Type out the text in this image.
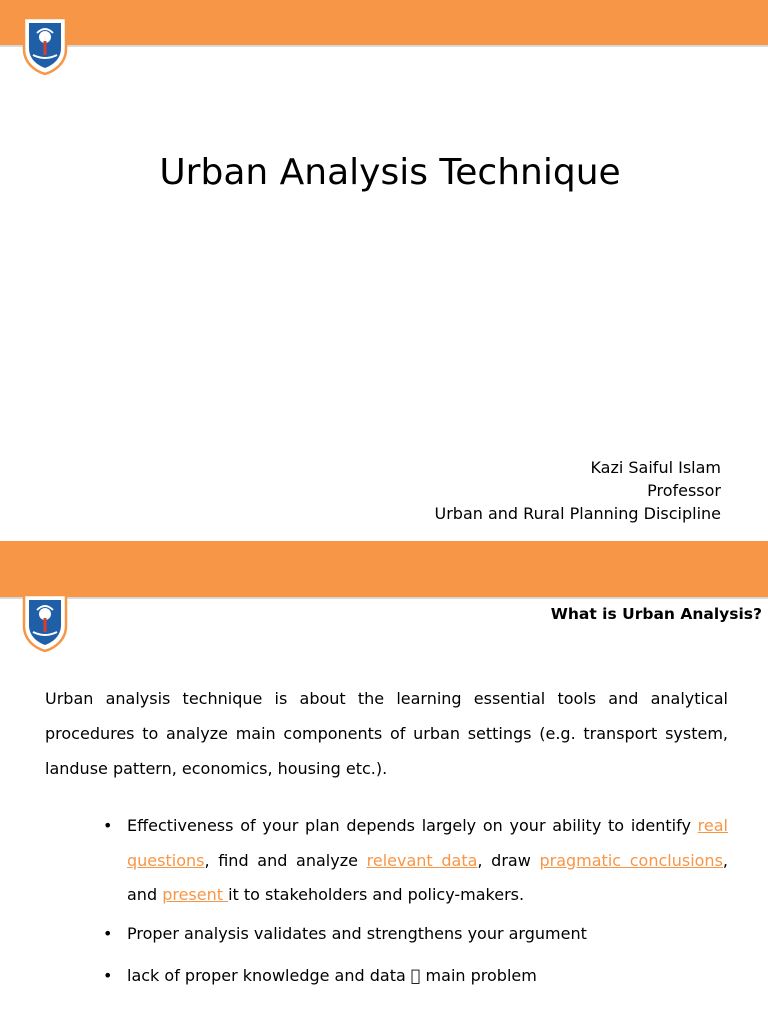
Urban Analysis Technique
Kazi Saiful Islam
Professor
Urban and Rural Planning Discipline
What is Urban Analysis?
Urban analysis technique is about the learning essential tools and analytical procedures to analyze main components of urban settings (e.g. transport system, landuse pattern, economics, housing etc.).
• Effectiveness of your plan depends largely on your ability to identify real questions, find and analyze relevant data, draw pragmatic conclusions, and present it to stakeholders and policy-makers.
• Proper analysis validates and strengthens your argument
• lack of proper knowledge and data main problem
